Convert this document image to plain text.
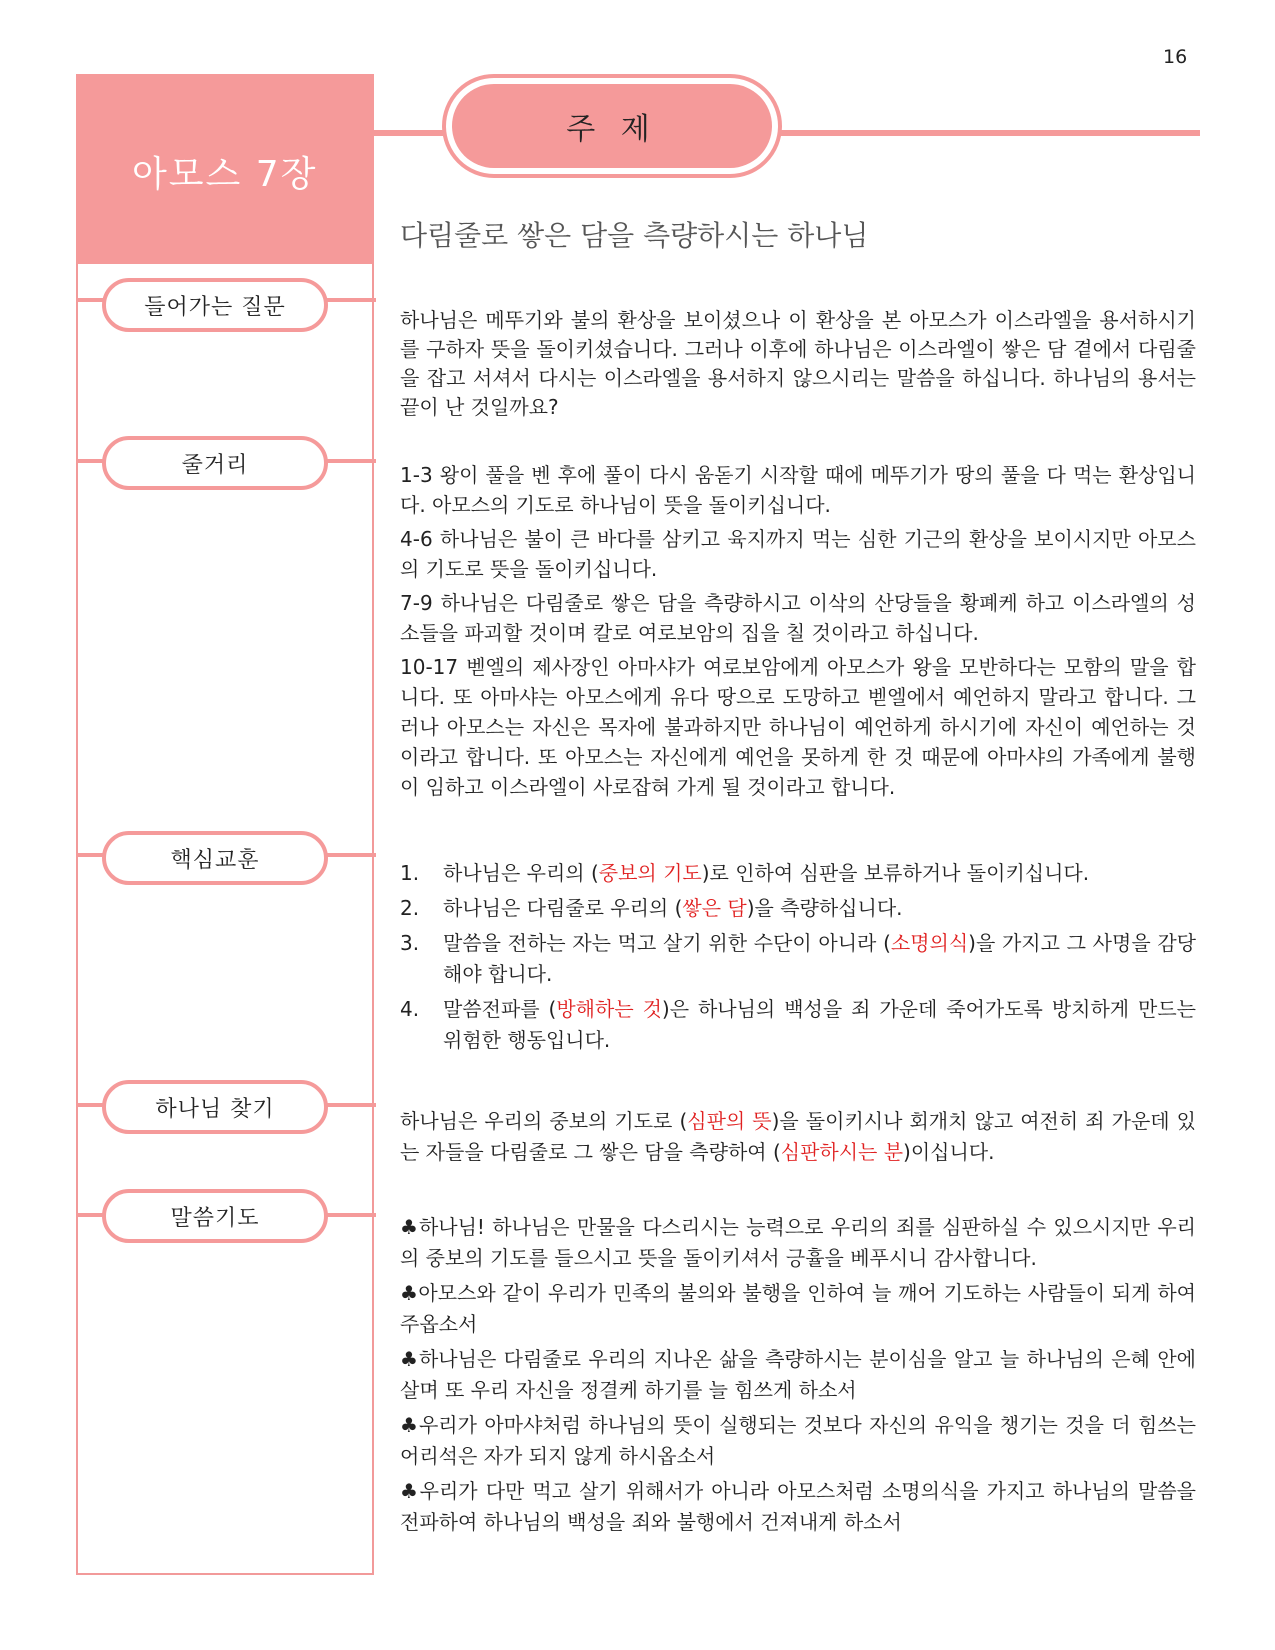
16
아모스 7장
주 제
다림줄로 쌓은 담을 측량하시는 하나님
들어가는 질문
줄거리
핵심교훈
하나님 찾기
말씀기도

하나님은 메뚜기와 불의 환상을 보이셨으나 이 환상을 본 아모스가 이스라엘을 용서하시기를 구하자 뜻을 돌이키셨습니다. 그러나 이후에 하나님은 이스라엘이 쌓은 담 곁에서 다림줄을 잡고 서셔서 다시는 이스라엘을 용서하지 않으시리는 말씀을 하십니다. 하나님의 용서는 끝이 난 것일까요?

1-3 왕이 풀을 벤 후에 풀이 다시 움돋기 시작할 때에 메뚜기가 땅의 풀을 다 먹는 환상입니다. 아모스의 기도로 하나님이 뜻을 돌이키십니다.

4-6 하나님은 불이 큰 바다를 삼키고 육지까지 먹는 심한 기근의 환상을 보이시지만 아모스의 기도로 뜻을 돌이키십니다.

7-9 하나님은 다림줄로 쌓은 담을 측량하시고 이삭의 산당들을 황폐케 하고 이스라엘의 성소들을 파괴할 것이며 칼로 여로보암의 집을 칠 것이라고 하십니다.

10-17 벧엘의 제사장인 아마샤가 여로보암에게 아모스가 왕을 모반하다는 모함의 말을 합니다. 또 아마샤는 아모스에게 유다 땅으로 도망하고 벧엘에서 예언하지 말라고 합니다. 그러나 아모스는 자신은 목자에 불과하지만 하나님이 예언하게 하시기에 자신이 예언하는 것이라고 합니다. 또 아모스는 자신에게 예언을 못하게 한 것 때문에 아마샤의 가족에게 불행이 임하고 이스라엘이 사로잡혀 가게 될 것이라고 합니다.

1. 하나님은 우리의 (중보의 기도)로 인하여 심판을 보류하거나 돌이키십니다.
2. 하나님은 다림줄로 우리의 (쌓은 담)을 측량하십니다.
3. 말씀을 전하는 자는 먹고 살기 위한 수단이 아니라 (소명의식)을 가지고 그 사명을 감당해야 합니다.
4. 말씀전파를 (방해하는 것)은 하나님의 백성을 죄 가운데 죽어가도록 방치하게 만드는 위험한 행동입니다.

하나님은 우리의 중보의 기도로 (심판의 뜻)을 돌이키시나 회개치 않고 여전히 죄 가운데 있는 자들을 다림줄로 그 쌓은 담을 측량하여 (심판하시는 분)이십니다.

♣하나님! 하나님은 만물을 다스리시는 능력으로 우리의 죄를 심판하실 수 있으시지만 우리의 중보의 기도를 들으시고 뜻을 돌이키셔서 긍휼을 베푸시니 감사합니다.

♣아모스와 같이 우리가 민족의 불의와 불행을 인하여 늘 깨어 기도하는 사람들이 되게 하여 주옵소서

♣하나님은 다림줄로 우리의 지나온 삶을 측량하시는 분이심을 알고 늘 하나님의 은혜 안에 살며 또 우리 자신을 정결케 하기를 늘 힘쓰게 하소서

♣우리가 아마샤처럼 하나님의 뜻이 실행되는 것보다 자신의 유익을 챙기는 것을 더 힘쓰는 어리석은 자가 되지 않게 하시옵소서

♣우리가 다만 먹고 살기 위해서가 아니라 아모스처럼 소명의식을 가지고 하나님의 말씀을 전파하여 하나님의 백성을 죄와 불행에서 건져내게 하소서
